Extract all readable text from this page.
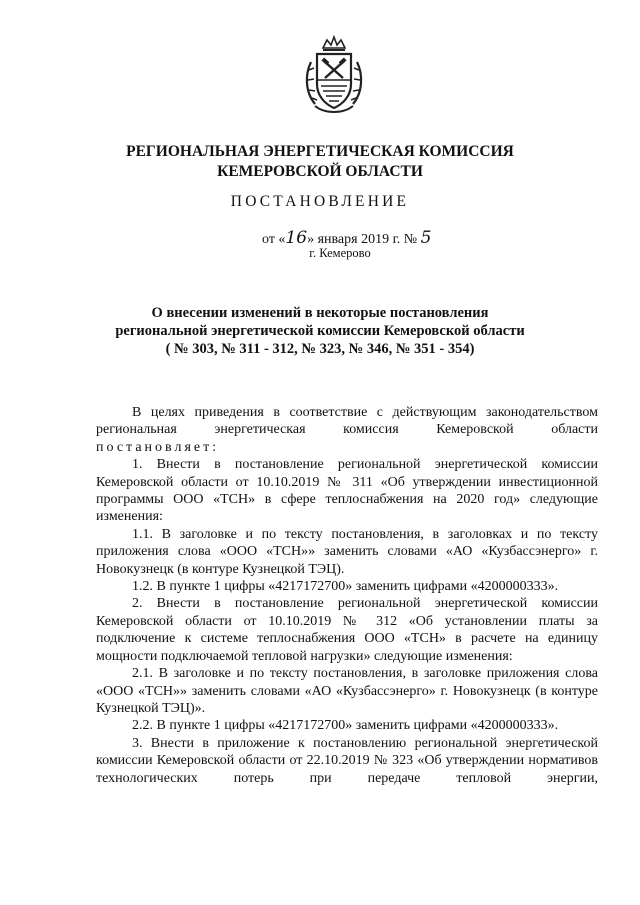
РЕГИОНАЛЬНАЯ ЭНЕРГЕТИЧЕСКАЯ КОМИССИЯ
КЕМЕРОВСКОЙ ОБЛАСТИ
ПОСТАНОВЛЕНИЕ
от «16» января 2019 г. № 5
г. Кемерово
О внесении изменений в некоторые постановления
региональной энергетической комиссии Кемеровской области
( № 303, № 311 - 312, № 323, № 346, № 351 - 354)

В целях приведения в соответствие с действующим законодательством региональная энергетическая комиссия Кемеровской области

постановляет:

1. Внести в постановление региональной энергетической комиссии Кемеровской области от 10.10.2019 № 311 «Об утверждении инвестиционной программы ООО «ТСН» в сфере теплоснабжения на 2020 год» следующие изменения:

1.1. В заголовке и по тексту постановления, в заголовках и по тексту приложения слова «ООО «ТСН»» заменить словами «АО «Кузбассэнерго» г. Новокузнецк (в контуре Кузнецкой ТЭЦ).

1.2. В пункте 1 цифры «4217172700» заменить цифрами «4200000333».

2. Внести в постановление региональной энергетической комиссии Кемеровской области от 10.10.2019 № 312 «Об установлении платы за подключение к системе теплоснабжения ООО «ТСН» в расчете на единицу мощности подключаемой тепловой нагрузки» следующие изменения:

2.1. В заголовке и по тексту постановления, в заголовке приложения слова «ООО «ТСН»» заменить словами «АО «Кузбассэнерго» г. Новокузнецк (в контуре Кузнецкой ТЭЦ)».

2.2. В пункте 1 цифры «4217172700» заменить цифрами «4200000333».

3. Внести в приложение к постановлению региональной энергетической комиссии Кемеровской области от 22.10.2019 № 323 «Об утверждении нормативов технологических потерь при передаче тепловой энергии,
